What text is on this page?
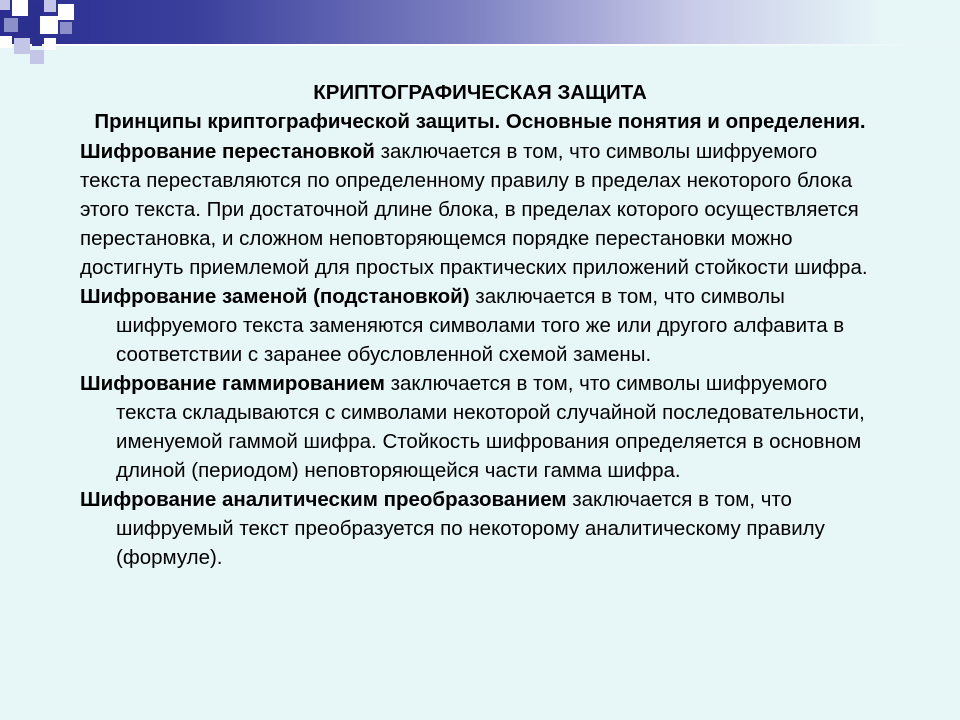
КРИПТОГРАФИЧЕСКАЯ ЗАЩИТА

Принципы криптографической защиты. Основные понятия и определения.

Шифрование перестановкой заключается в том, что символы шифруемого текста переставляются по определенному правилу в пределах некоторого блока этого текста. При достаточной длине блока, в пределах которого осуществляется перестановка, и сложном неповторяющемся порядке перестановки можно достигнуть приемлемой для простых практических приложений стойкости шифра.

Шифрование заменой (подстановкой) заключается в том, что символы шифруемого текста заменяются символами того же или другого алфавита в соответствии с заранее обусловленной схемой замены.

Шифрование гаммированием заключается в том, что символы шифруемого текста складываются с символами некоторой случайной последовательности, именуемой гаммой шифра. Стойкость шифрования определяется в основном длиной (периодом) неповторяющейся части гамма шифра.

Шифрование аналитическим преобразованием заключается в том, что шифруемый текст преобразуется по некоторому аналитическому правилу (формуле).
